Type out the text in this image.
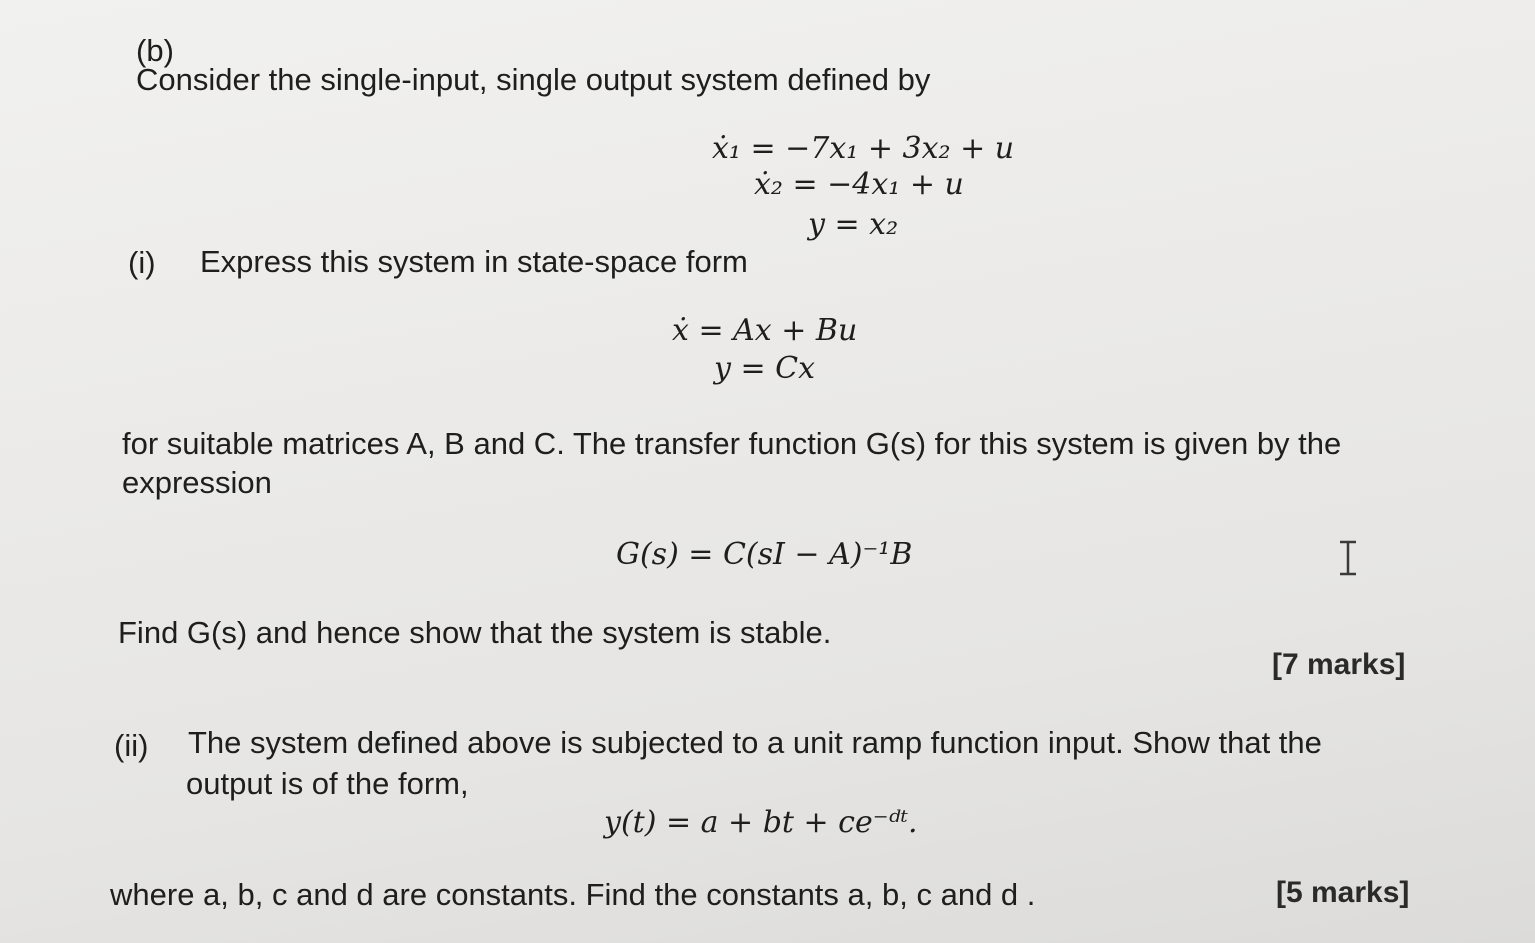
(b)
Consider the single-input, single output system defined by
ẋ₁ = −7x₁ + 3x₂ + u
ẋ₂ = −4x₁ + u
y = x₂
(i) Express this system in state-space form
ẋ = Ax + Bu
y = Cx
for suitable matrices A, B and C. The transfer function G(s) for this system is given by the
expression
G(s) = C(sI − A)⁻¹B
Find G(s) and hence show that the system is stable.
[7 marks]
(ii) The system defined above is subjected to a unit ramp function input. Show that the
output is of the form,
y(t) = a + bt + ce⁻ᵈᵗ.
where a, b, c and d are constants. Find the constants a, b, c and d .	[5 marks]
